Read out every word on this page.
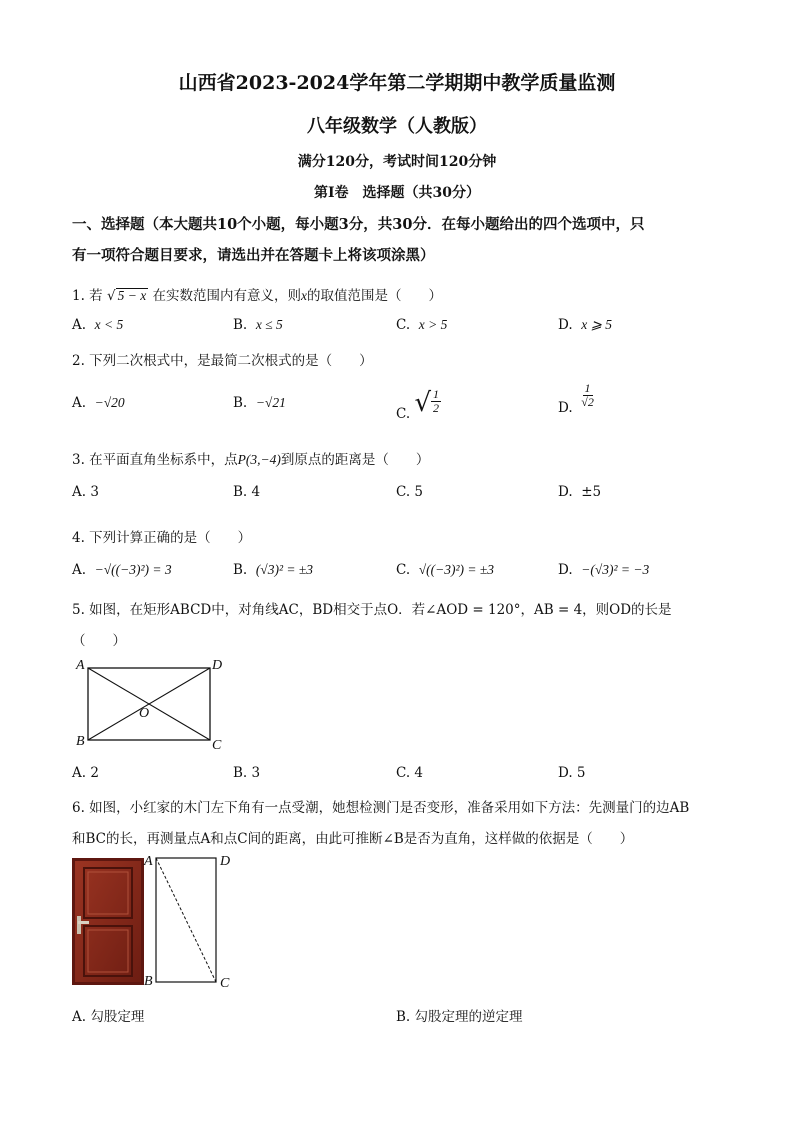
山西省2023-2024学年第二学期期中教学质量监测
八年级数学（人教版）
满分120分，考试时间120分钟
第Ⅰ卷　选择题（共30分）
一、选择题（本大题共10个小题，每小题3分，共30分．在每小题给出的四个选项中，只
有一项符合题目要求，请选出并在答题卡上将该项涂黑）
1. 若 √ 5 − x 在实数范围内有意义，则x的取值范围是（　　）
A. x < 5	B. x ≤ 5	C. x > 5	D. x ⩾ 5
2. 下列二次根式中，是最简二次根式的是（　　）
A. −√20	B. −√21
C. √ $\frac{1}{2}$	D. $\frac{1}{√2}$
3. 在平面直角坐标系中，点P(3,−4)到原点的距离是（　　）
A. 3	B. 4	C. 5	D. ±5
4. 下列计算正确的是（　　）
A. −√((−3)²) = 3	B. (√3)² = ±3	C. √((−3)²) = ±3	D. −(√3)² = −3
5. 如图，在矩形ABCD中，对角线AC，BD相交于点O．若∠AOD = 120°，AB = 4，则OD的长是
（　　）
A	D
B	C
O
A. 2	B. 3	C. 4	D. 5
6. 如图，小红家的木门左下角有一点受潮，她想检测门是否变形，准备采用如下方法：先测量门的边AB
和BC的长，再测量点A和点C间的距离，由此可推断∠B是否为直角，这样做的依据是（　　）
A	D
B	C
A. 勾股定理	B. 勾股定理的逆定理
